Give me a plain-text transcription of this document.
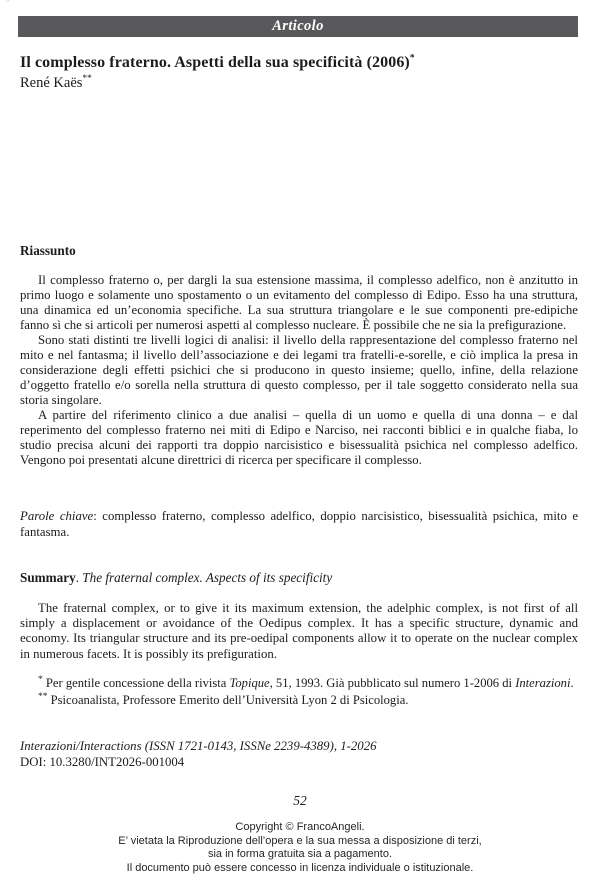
”
Articolo
Il complesso fraterno. Aspetti della sua specificità (2006)*
René Kaës**
Riassunto

Il complesso fraterno o, per dargli la sua estensione massima, il complesso adelfico, non è anzitutto in primo luogo e solamente uno spostamento o un evitamento del complesso di Edipo. Esso ha una struttura, una dinamica ed un’economia specifiche. La sua struttura triangolare e le sue componenti pre-edipiche fanno sì che si articoli per numerosi aspetti al complesso nucleare. È possibile che ne sia la prefigurazione.

Sono stati distinti tre livelli logici di analisi: il livello della rappresentazione del complesso fraterno nel mito e nel fantasma; il livello dell’associazione e dei legami tra fratelli-e-sorelle, e ciò implica la presa in considerazione degli effetti psichici che si producono in questo insieme; quello, infine, della relazione d’oggetto fratello e/o sorella nella struttura di questo complesso, per il tale soggetto considerato nella sua storia singolare.

A partire del riferimento clinico a due analisi – quella di un uomo e quella di una donna – e dal reperimento del complesso fraterno nei miti di Edipo e Narciso, nei racconti biblici e in qualche fiaba, lo studio precisa alcuni dei rapporti tra doppio narcisistico e bisessualità psichica nel complesso adelfico. Vengono poi presentati alcune direttrici di ricerca per specificare il complesso.

Parole chiave: complesso fraterno, complesso adelfico, doppio narcisistico, bisessualità psichica, mito e fantasma.
Summary. The fraternal complex. Aspects of its specificity
The fraternal complex, or to give it its maximum extension, the adelphic complex, is not first of all simply a displacement or avoidance of the Oedipus complex. It has a specific structure, dynamic and economy. Its triangular structure and its pre-oedipal components allow it to operate on the nuclear complex in numerous facets. It is possibly its prefiguration.

* Per gentile concessione della rivista Topique, 51, 1993. Già pubblicato sul numero 1-2006 di Interazioni.

** Psicoanalista, Professore Emerito dell’Università Lyon 2 di Psicologia.

Interazioni/Interactions (ISSN 1721-0143, ISSNe 2239-4389), 1-2026
DOI: 10.3280/INT2026-001004
52
Copyright © FrancoAngeli.
E’ vietata la Riproduzione dell’opera e la sua messa a disposizione di terzi,
sia in forma gratuita sia a pagamento.
Il documento può essere concesso in licenza individuale o istituzionale.
